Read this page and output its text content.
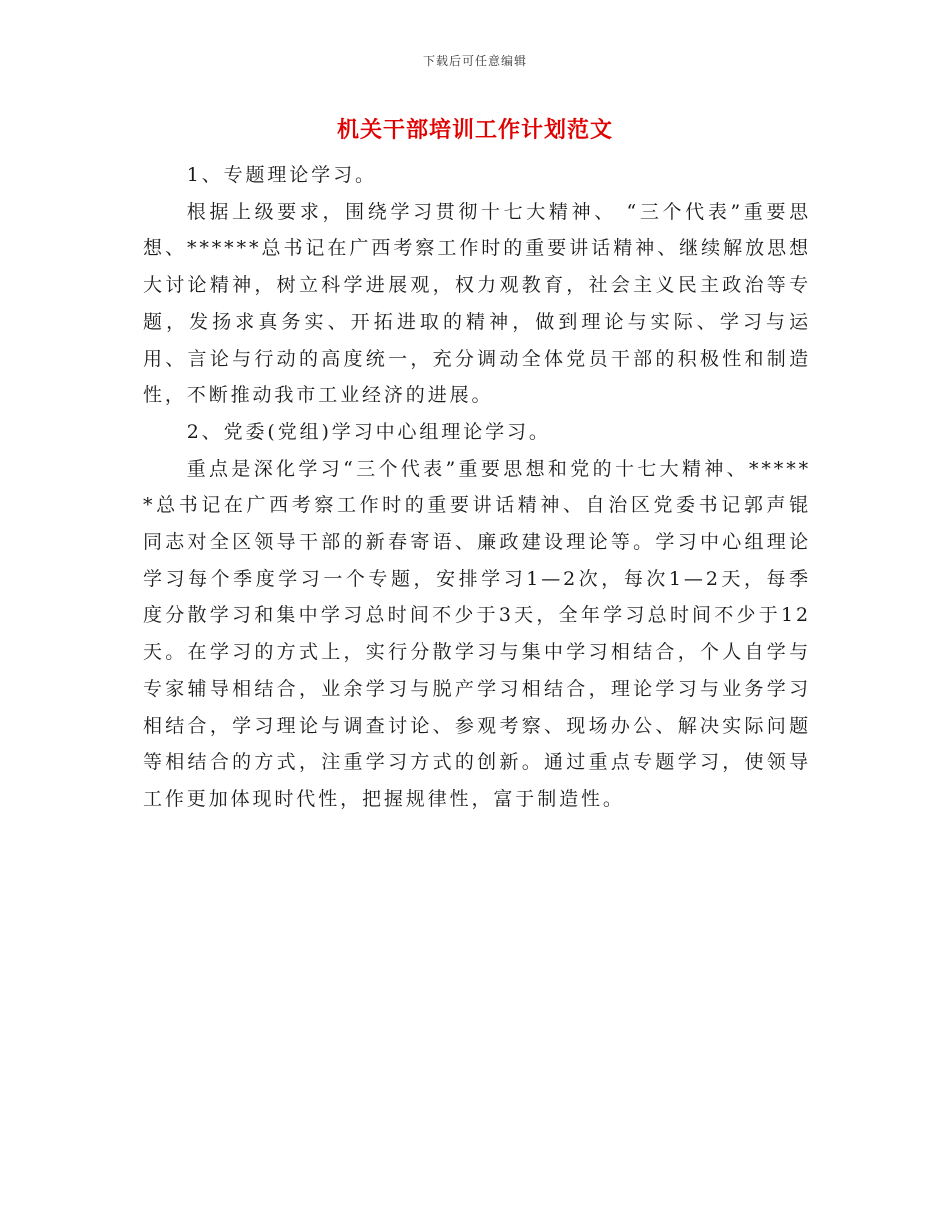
下载后可任意编辑
机关干部培训工作计划范文

1、专题理论学习。

根据上级要求，围绕学习贯彻十七大精神、 “三个代表”重要思想、******总书记在广西考察工作时的重要讲话精神、继续解放思想大讨论精神，树立科学进展观，权力观教育，社会主义民主政治等专题，发扬求真务实、开拓进取的精神，做到理论与实际、学习与运用、言论与行动的高度统一，充分调动全体党员干部的积极性和制造性，不断推动我市工业经济的进展。

2、党委(党组)学习中心组理论学习。

重点是深化学习“三个代表”重要思想和党的十七大精神、******总书记在广西考察工作时的重要讲话精神、自治区党委书记郭声锟同志对全区领导干部的新春寄语、廉政建设理论等。学习中心组理论学习每个季度学习一个专题，安排学习1—2次，每次1—2天，每季度分散学习和集中学习总时间不少于3天，全年学习总时间不少于12天。在学习的方式上，实行分散学习与集中学习相结合，个人自学与专家辅导相结合，业余学习与脱产学习相结合，理论学习与业务学习相结合，学习理论与调查讨论、参观考察、现场办公、解决实际问题等相结合的方式，注重学习方式的创新。通过重点专题学习，使领导工作更加体现时代性，把握规律性，富于制造性。
